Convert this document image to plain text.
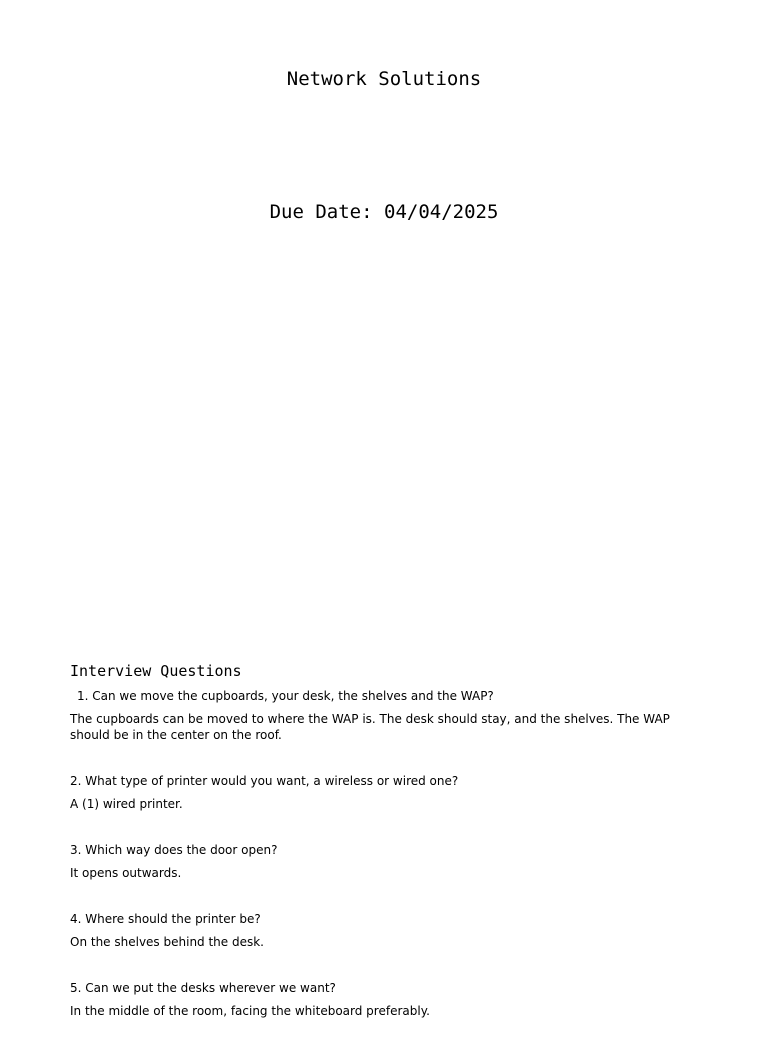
Network Solutions
Due Date: 04/04/2025
Interview Questions

1. Can we move the cupboards, your desk, the shelves and the WAP?

The cupboards can be moved to where the WAP is. The desk should stay, and the shelves. The WAP should be in the center on the roof.

2. What type of printer would you want, a wireless or wired one?

A (1) wired printer.

3. Which way does the door open?

It opens outwards.

4. Where should the printer be?

On the shelves behind the desk.

5. Can we put the desks wherever we want?

In the middle of the room, facing the whiteboard preferably.
